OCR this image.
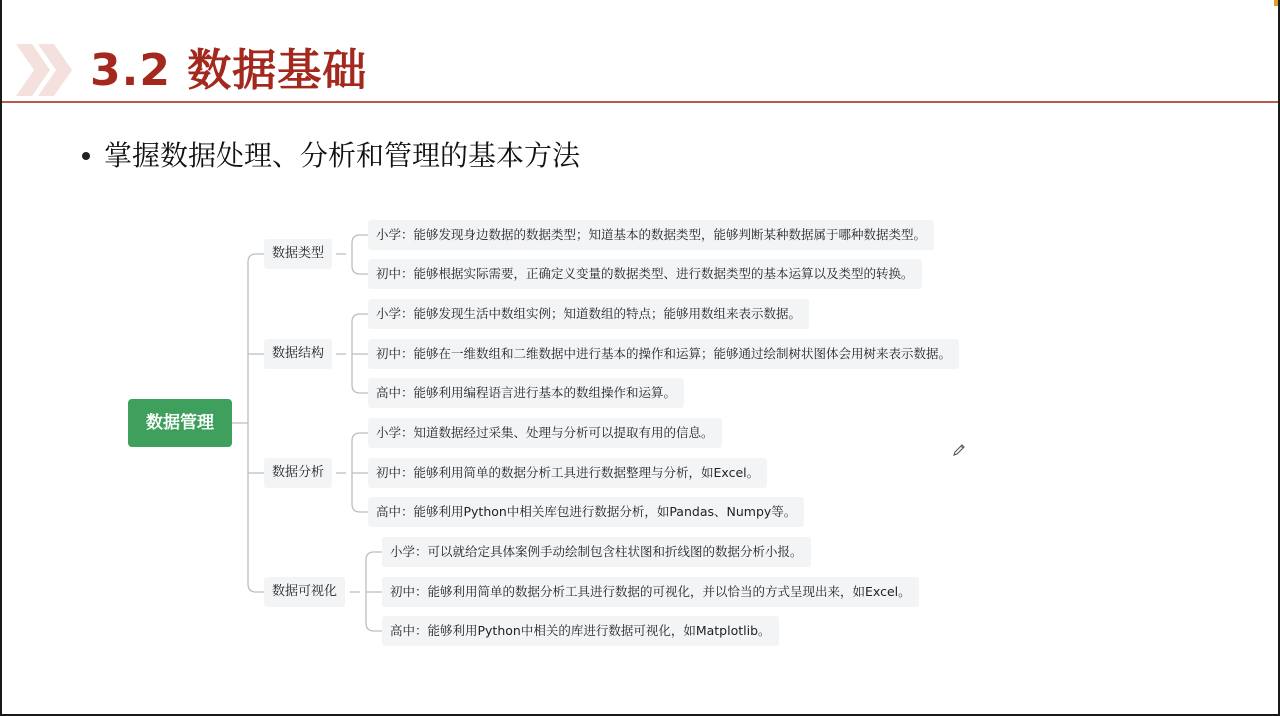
3.2 数据基础
掌握数据处理、分析和管理的基本方法
数据管理
数据类型
数据结构
数据分析
数据可视化
小学：能够发现身边数据的数据类型；知道基本的数据类型，能够判断某种数据属于哪种数据类型。
初中：能够根据实际需要，正确定义变量的数据类型、进行数据类型的基本运算以及类型的转换。
小学：能够发现生活中数组实例；知道数组的特点；能够用数组来表示数据。
初中：能够在一维数组和二维数据中进行基本的操作和运算；能够通过绘制树状图体会用树来表示数据。
高中：能够利用编程语言进行基本的数组操作和运算。
小学：知道数据经过采集、处理与分析可以提取有用的信息。
初中：能够利用简单的数据分析工具进行数据整理与分析，如Excel。
高中：能够利用Python中相关库包进行数据分析，如Pandas、Numpy等。
小学：可以就给定具体案例手动绘制包含柱状图和折线图的数据分析小报。
初中：能够利用简单的数据分析工具进行数据的可视化，并以恰当的方式呈现出来，如Excel。
高中：能够利用Python中相关的库进行数据可视化，如Matplotlib。
